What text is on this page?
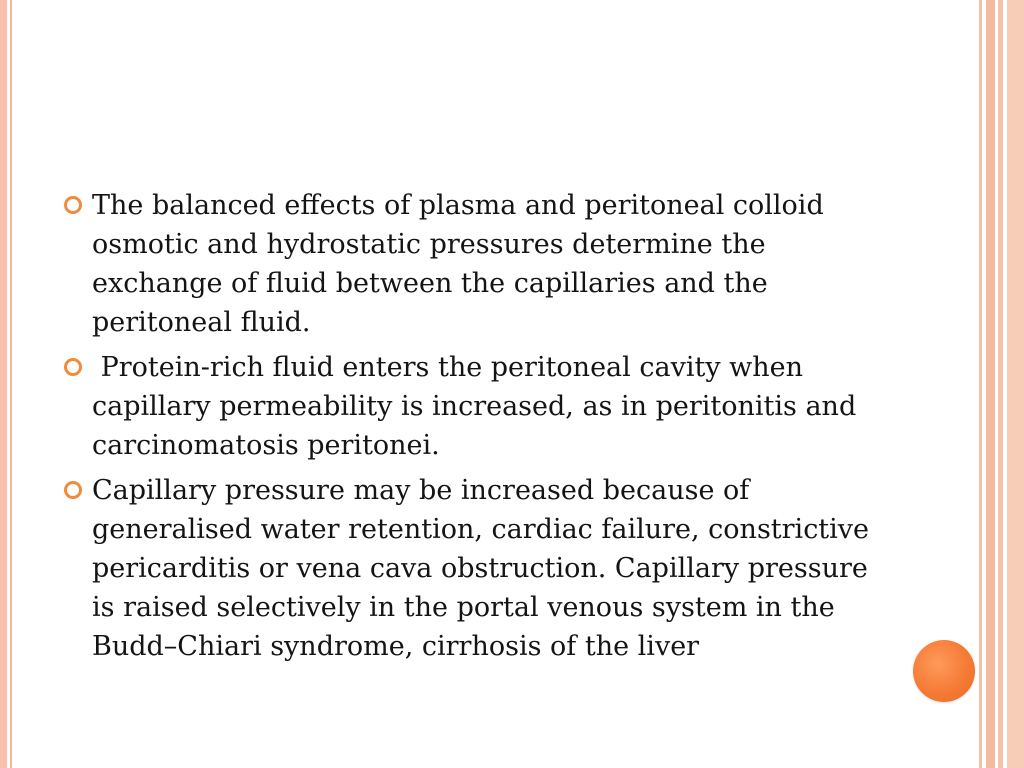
The balanced effects of plasma and peritoneal colloid osmotic and hydrostatic pressures determine the exchange of fluid between the capillaries and the peritoneal fluid.
Protein-rich fluid enters the peritoneal cavity when capillary permeability is increased, as in peritonitis and carcinomatosis peritonei.
Capillary pressure may be increased because of generalised water retention, cardiac failure, constrictive pericarditis or vena cava obstruction. Capillary pressure is raised selectively in the portal venous system in the Budd–Chiari syndrome, cirrhosis of the liver
